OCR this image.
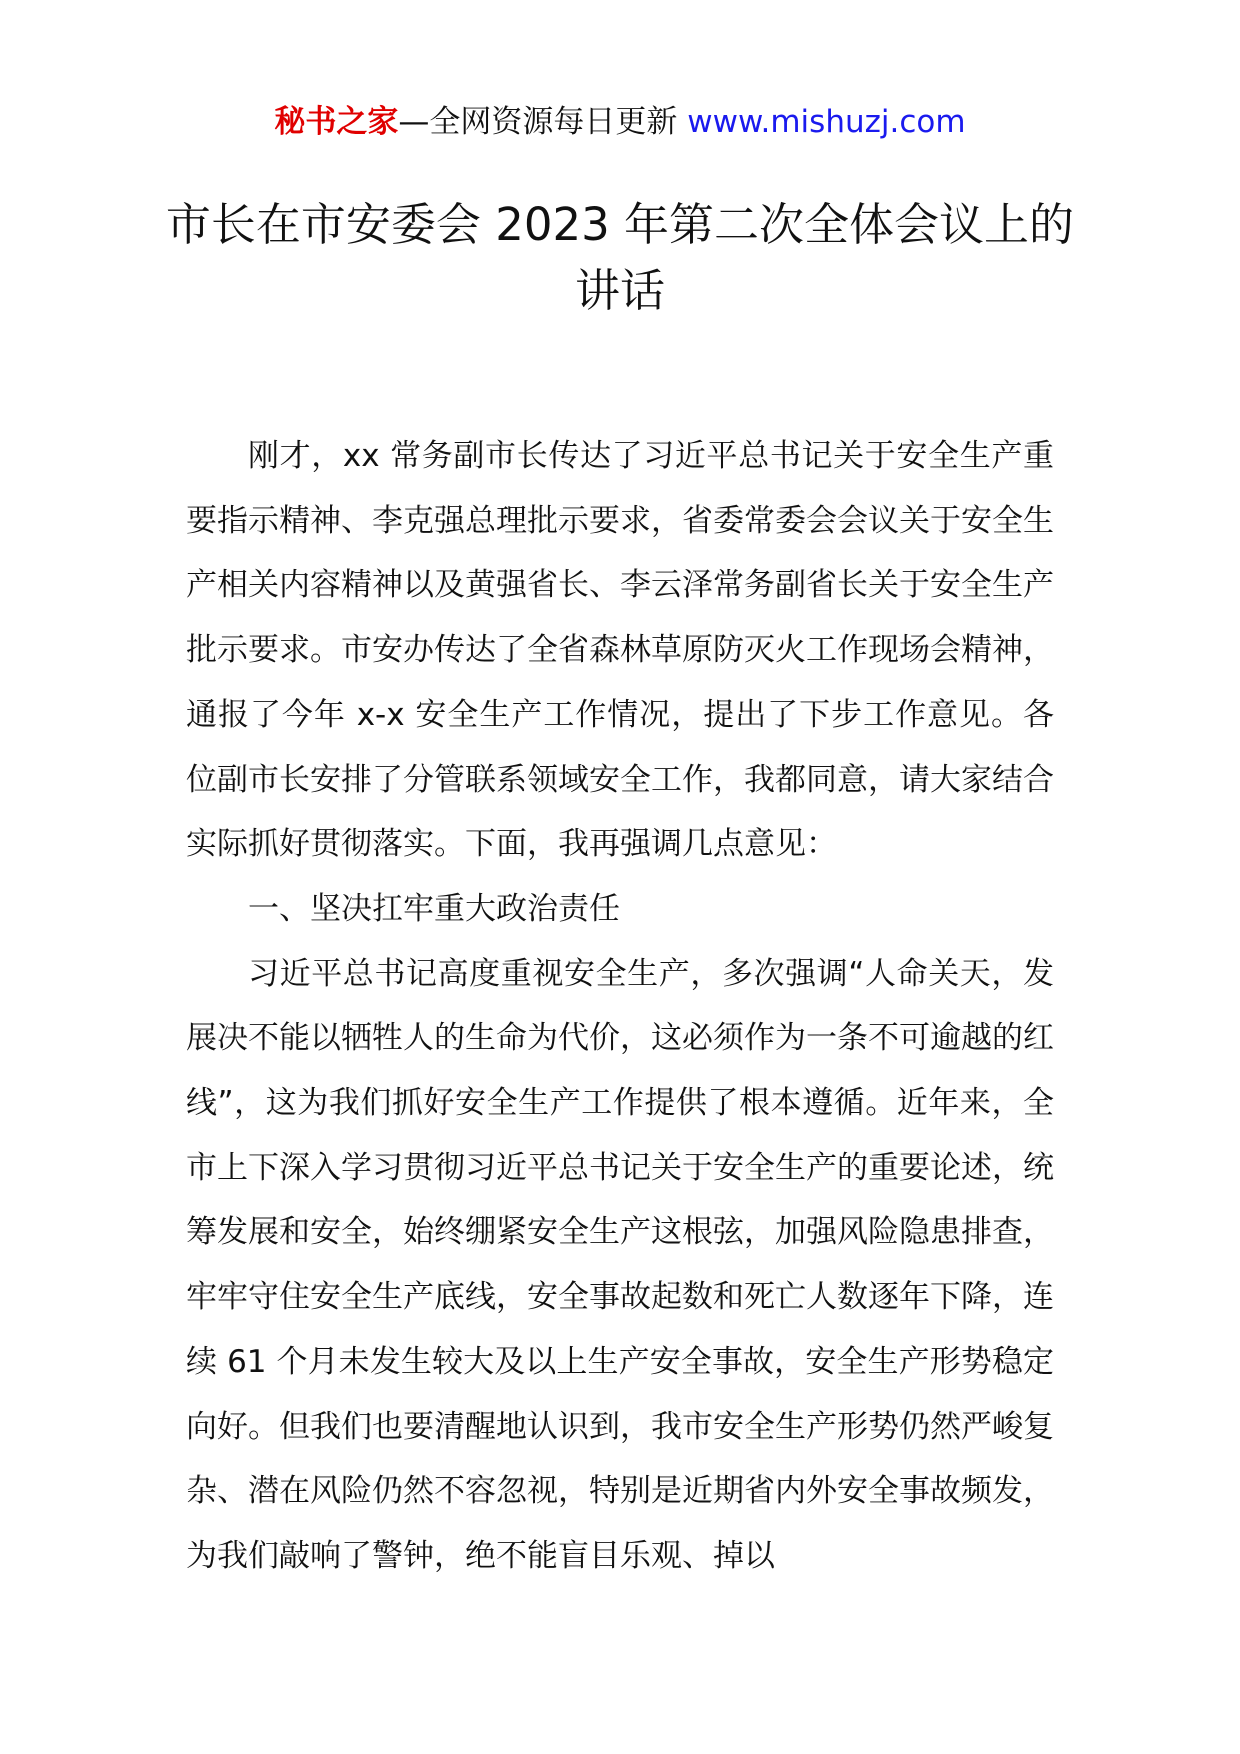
秘书之家—全网资源每日更新 www.mishuzj.com
市长在市安委会 2023 年第二次全体会议上的讲话

刚才，xx 常务副市长传达了习近平总书记关于安全生产重要指示精神、李克强总理批示要求，省委常委会会议关于安全生产相关内容精神以及黄强省长、李云泽常务副省长关于安全生产批示要求。市安办传达了全省森林草原防灭火工作现场会精神，通报了今年 x-x 安全生产工作情况，提出了下步工作意见。各位副市长安排了分管联系领域安全工作，我都同意，请大家结合实际抓好贯彻落实。下面，我再强调几点意见：

一、坚决扛牢重大政治责任

习近平总书记高度重视安全生产，多次强调“人命关天，发展决不能以牺牲人的生命为代价，这必须作为一条不可逾越的红线”，这为我们抓好安全生产工作提供了根本遵循。近年来，全市上下深入学习贯彻习近平总书记关于安全生产的重要论述，统筹发展和安全，始终绷紧安全生产这根弦，加强风险隐患排查，牢牢守住安全生产底线，安全事故起数和死亡人数逐年下降，连续 61 个月未发生较大及以上生产安全事故，安全生产形势稳定向好。但我们也要清醒地认识到，我市安全生产形势仍然严峻复杂、潜在风险仍然不容忽视，特别是近期省内外安全事故频发，为我们敲响了警钟，绝不能盲目乐观、掉以
